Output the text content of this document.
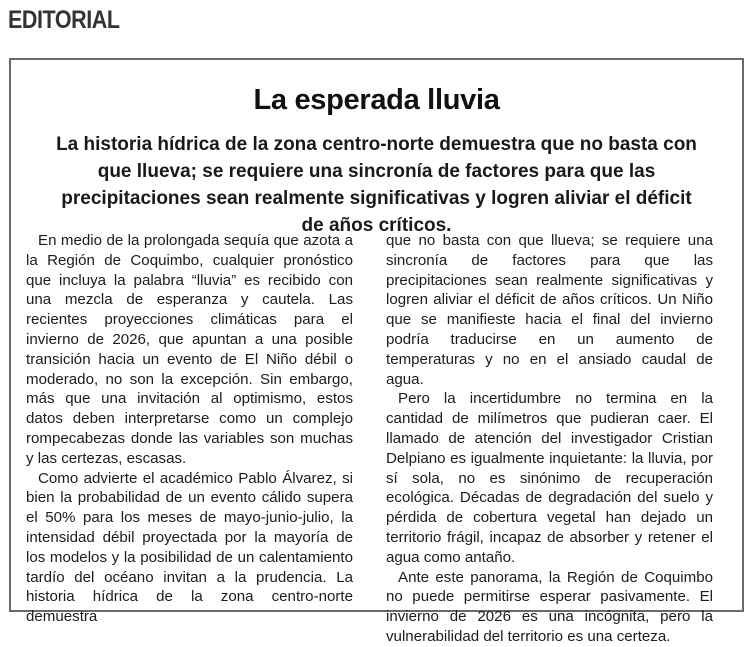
EDITORIAL
La esperada lluvia
La historia hídrica de la zona centro-norte demuestra que no basta con que llueva; se requiere una sincronía de factores para que las precipitaciones sean realmente significativas y logren aliviar el déficit de años críticos.

En medio de la prolongada sequía que azota a la Región de Coquimbo, cualquier pronóstico que incluya la palabra “lluvia” es recibido con una mezcla de esperanza y cautela. Las recientes proyecciones climáticas para el invierno de 2026, que apuntan a una posible transición hacia un evento de El Niño débil o moderado, no son la excepción. Sin embargo, más que una invitación al optimismo, estos datos deben interpretarse como un complejo rompecabezas donde las variables son muchas y las certezas, escasas.

Como advierte el académico Pablo Álvarez, si bien la probabilidad de un evento cálido supera el 50% para los meses de mayo-junio-julio, la intensidad débil proyectada por la mayoría de los modelos y la posibilidad de un calentamiento tardío del océano invitan a la prudencia. La historia hídrica de la zona centro-norte demuestra

que no basta con que llueva; se requiere una sincronía de factores para que las precipitaciones sean realmente significativas y logren aliviar el déficit de años críticos. Un Niño que se manifieste hacia el final del invierno podría traducirse en un aumento de temperaturas y no en el ansiado caudal de agua.

Pero la incertidumbre no termina en la cantidad de milímetros que pudieran caer. El llamado de atención del investigador Cristian Delpiano es igualmente inquietante: la lluvia, por sí sola, no es sinónimo de recuperación ecológica. Décadas de degradación del suelo y pérdida de cobertura vegetal han dejado un territorio frágil, incapaz de absorber y retener el agua como antaño.

Ante este panorama, la Región de Coquimbo no puede permitirse esperar pasivamente. El invierno de 2026 es una incógnita, pero la vulnerabilidad del territorio es una certeza.
